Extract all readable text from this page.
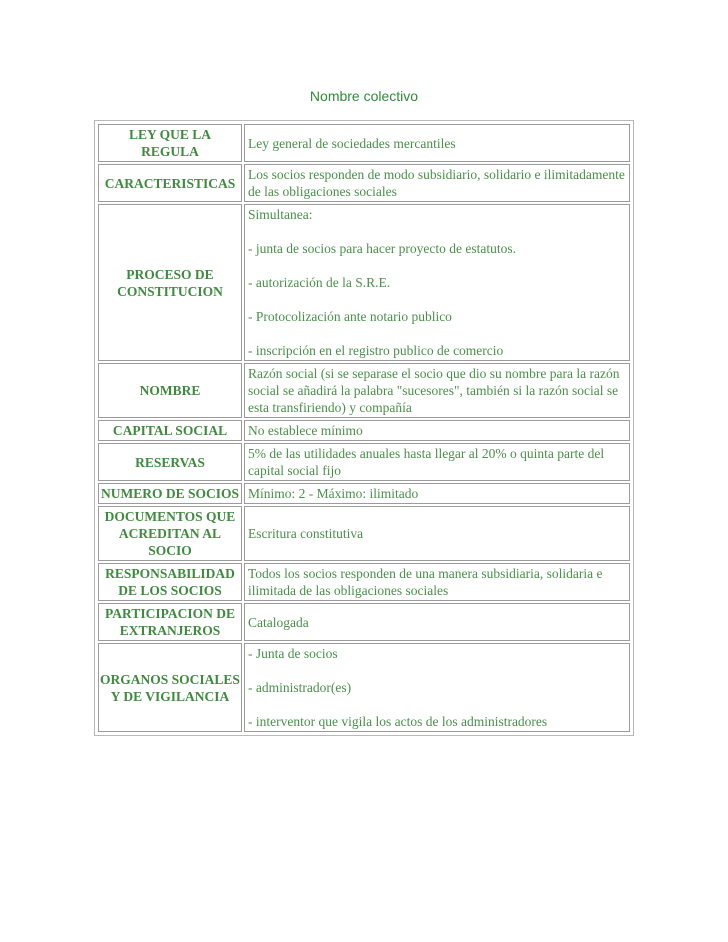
Nombre colectivo
LEY QUE LA REGULA	Ley general de sociedades mercantiles

CARACTERISTICAS	Los socios responden de modo subsidiario, solidario e ilimitadamente de las obligaciones sociales

PROCESO DE CONSTITUCION	Simultanea:
- junta de socios para hacer proyecto de estatutos.
- autorización de la S.R.E.
- Protocolización ante notario publico
- inscripción en el registro publico de comercio

NOMBRE	Razón social (si se separase el socio que dio su nombre para la razón social se añadirá la palabra "sucesores", también si la razón social se esta transfiriendo) y compañía

CAPITAL SOCIAL	No establece mínimo

RESERVAS	5% de las utilidades anuales hasta llegar al 20% o quinta parte del capital social fijo

NUMERO DE SOCIOS	Mínimo: 2 - Máximo: ilimitado

DOCUMENTOS QUE ACREDITAN AL SOCIO	Escritura constitutiva

RESPONSABILIDAD DE LOS SOCIOS	Todos los socios responden de una manera subsidiaria, solidaria e ilimitada de las obligaciones sociales

PARTICIPACION DE EXTRANJEROS	Catalogada

ORGANOS SOCIALES Y DE VIGILANCIA	- Junta de socios
- administrador(es)
- interventor que vigila los actos de los administradores
